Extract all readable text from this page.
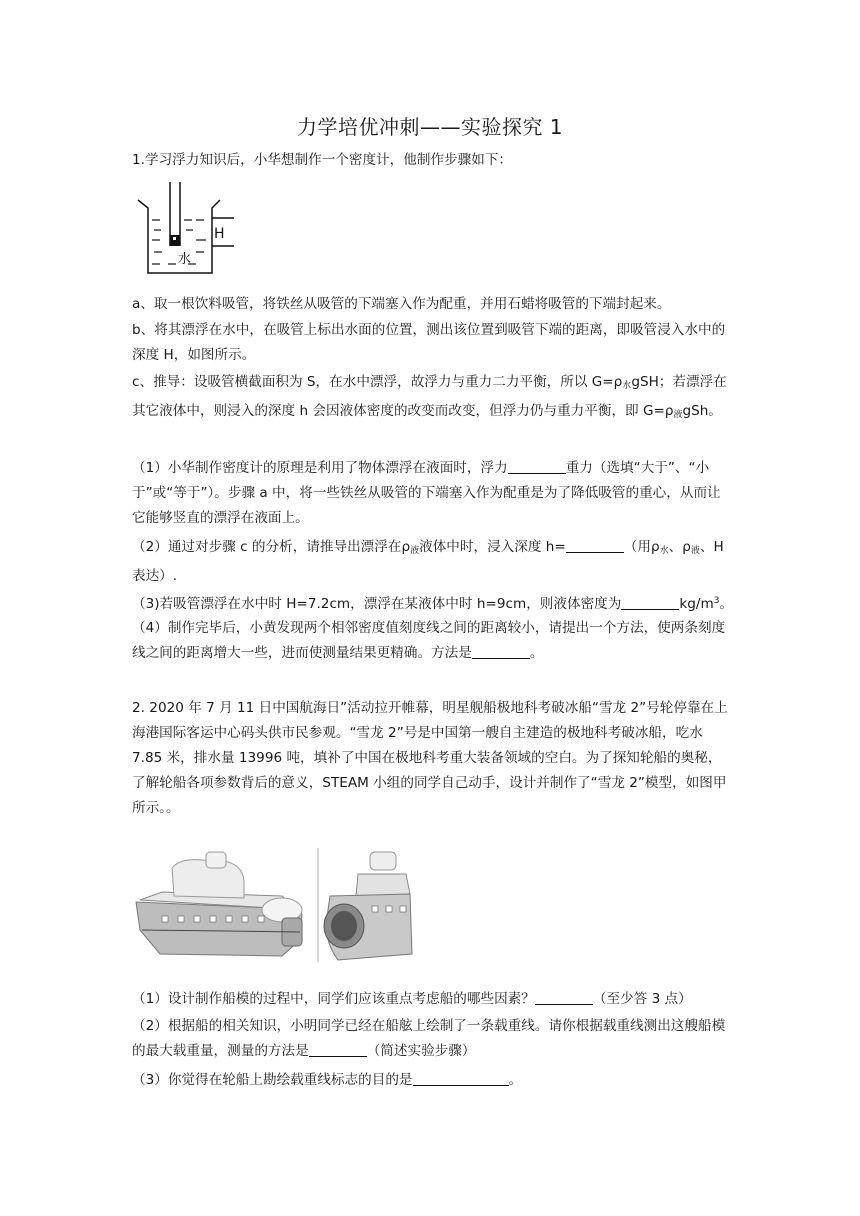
力学培优冲刺——实验探究 1

1.学习浮力知识后，小华想制作一个密度计，他制作步骤如下：

H
水

a、取一根饮料吸管，将铁丝从吸管的下端塞入作为配重，并用石蜡将吸管的下端封起来。

b、将其漂浮在水中，在吸管上标出水面的位置，测出该位置到吸管下端的距离，即吸管浸入水中的深度 H，如图所示。

c、推导：设吸管横截面积为 S，在水中漂浮，故浮力与重力二力平衡，所以 $G=\rho_水gSH$；若漂浮在其它液体中，则浸入的深度 h 会因液体密度的改变而改变，但浮力仍与重力平衡，即 $G=\rho_液gSh$。

（1）小华制作密度计的原理是利用了物体漂浮在液面时，浮力	重力（选填“大于”、“小于”或“等于”）。步骤 a 中，将一些铁丝从吸管的下端塞入作为配重是为了降低吸管的重心，从而让它能够竖直的漂浮在液面上。

（2）通过对步骤 c 的分析，请推导出漂浮在$\rho_液$液体中时，浸入深度 h=	（用$\rho_水$、$\rho_液$、H 表达）.

（3)若吸管漂浮在水中时 H=7.2cm，漂浮在某液体中时 h=9cm，则液体密度为	$kg/m^3$。

（4）制作完毕后，小黄发现两个相邻密度值刻度线之间的距离较小，请提出一个方法，使两条刻度线之间的距离增大一些，进而使测量结果更精确。方法是	。

2. 2020 年 7 月 11 日中国航海日”活动拉开帷幕，明星舰船极地科考破冰船“雪龙 2”号轮停靠在上海港国际客运中心码头供市民参观。“雪龙 2”号是中国第一艘自主建造的极地科考破冰船，吃水 7.85 米，排水量 13996 吨，填补了中国在极地科考重大装备领域的空白。为了探知轮船的奥秘，了解轮船各项参数背后的意义，STEAM 小组的同学自己动手，设计并制作了“雪龙 2”模型，如图甲所示。。

（1）设计制作船模的过程中，同学们应该重点考虑船的哪些因素？	（至少答 3 点）

（2）根据船的相关知识，小明同学已经在船舷上绘制了一条载重线。请你根据载重线测出这艘船模的最大载重量，测量的方法是	（简述实验步骤）

（3）你觉得在轮船上勘绘载重线标志的目的是	。
